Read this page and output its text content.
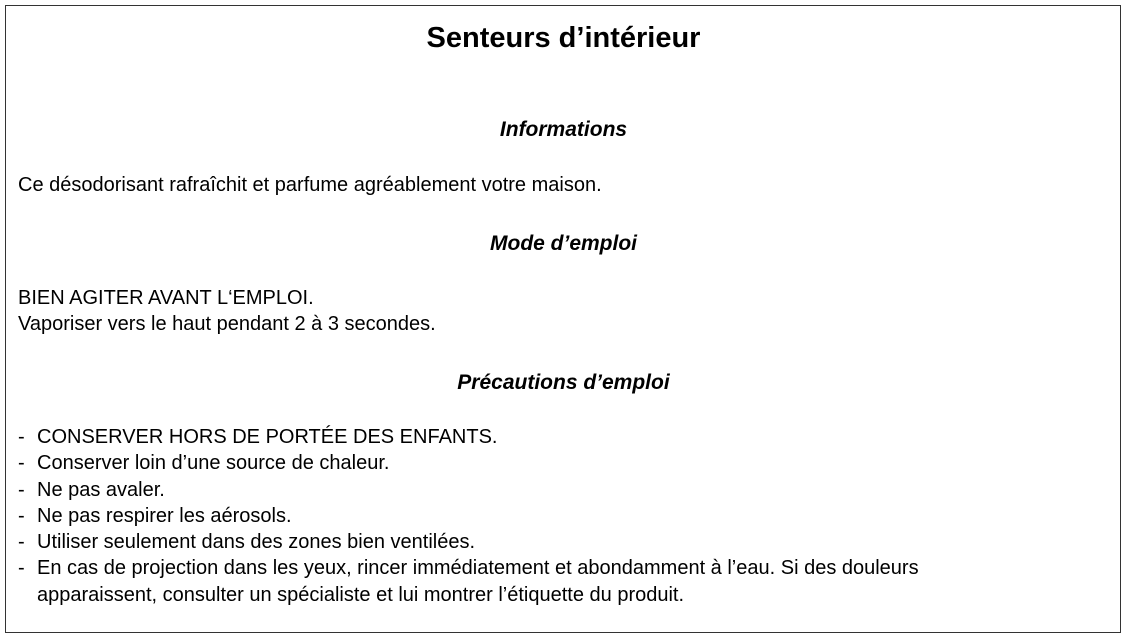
Senteurs d’intérieur
Informations

Ce désodorisant rafraîchit et parfume agréablement votre maison.

Mode d’emploi

BIEN AGITER AVANT L‘EMPLOI.

Vaporiser vers le haut pendant 2 à 3 secondes.

Précautions d’emploi
- CONSERVER HORS DE PORTÉE DES ENFANTS.
- Conserver loin d’une source de chaleur.
- Ne pas avaler.
- Ne pas respirer les aérosols.
- Utiliser seulement dans des zones bien ventilées.
- En cas de projection dans les yeux, rincer immédiatement et abondamment à l’eau. Si des douleurs
apparaissent, consulter un spécialiste et lui montrer l’étiquette du produit.
